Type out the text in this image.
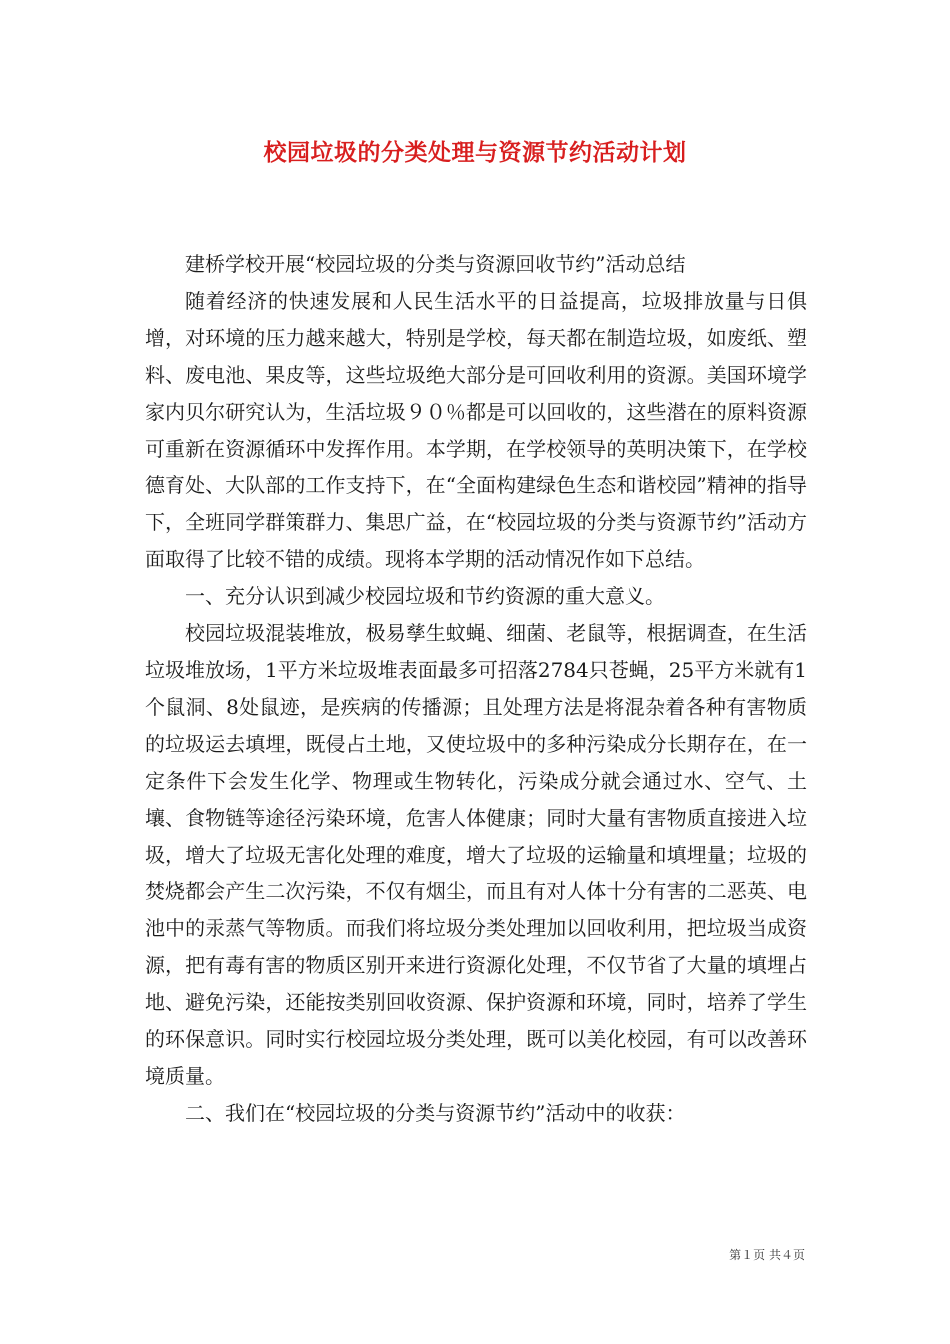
校园垃圾的分类处理与资源节约活动计划

建桥学校开展“校园垃圾的分类与资源回收节约”活动总结

随着经济的快速发展和人民生活水平的日益提高，垃圾排放量与日俱增，对环境的压力越来越大，特别是学校，每天都在制造垃圾，如废纸、塑料、废电池、果皮等，这些垃圾绝大部分是可回收利用的资源。美国环境学家内贝尔研究认为，生活垃圾９０％都是可以回收的，这些潜在的原料资源可重新在资源循环中发挥作用。本学期，在学校领导的英明决策下，在学校德育处、大队部的工作支持下，在“全面构建绿色生态和谐校园”精神的指导下，全班同学群策群力、集思广益，在“校园垃圾的分类与资源节约”活动方面取得了比较不错的成绩。现将本学期的活动情况作如下总结。

一、充分认识到减少校园垃圾和节约资源的重大意义。

校园垃圾混装堆放，极易孳生蚊蝇、细菌、老鼠等，根据调查，在生活垃圾堆放场，1平方米垃圾堆表面最多可招落2784只苍蝇，25平方米就有1个鼠洞、8处鼠迹，是疾病的传播源；且处理方法是将混杂着各种有害物质的垃圾运去填埋，既侵占土地，又使垃圾中的多种污染成分长期存在，在一定条件下会发生化学、物理或生物转化，污染成分就会通过水、空气、土壤、食物链等途径污染环境，危害人体健康；同时大量有害物质直接进入垃圾，增大了垃圾无害化处理的难度，增大了垃圾的运输量和填埋量；垃圾的焚烧都会产生二次污染，不仅有烟尘，而且有对人体十分有害的二恶英、电池中的汞蒸气等物质。而我们将垃圾分类处理加以回收利用，把垃圾当成资源，把有毒有害的物质区别开来进行资源化处理，不仅节省了大量的填埋占地、避免污染，还能按类别回收资源、保护资源和环境，同时，培养了学生的环保意识。同时实行校园垃圾分类处理，既可以美化校园，有可以改善环境质量。

二、我们在“校园垃圾的分类与资源节约”活动中的收获：

第１页 共４页
